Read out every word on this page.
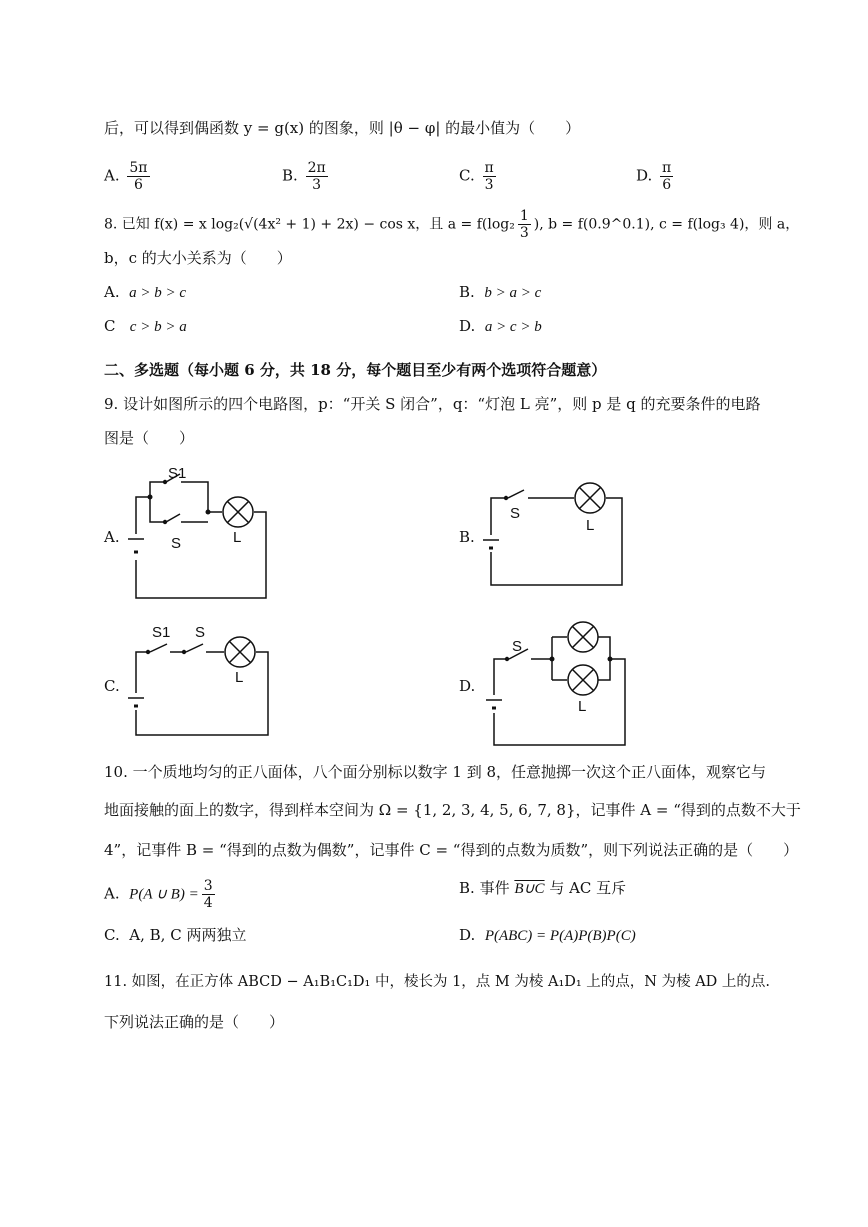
后，可以得到偶函数 y = g(x) 的图象，则 |θ − φ| 的最小值为（　　）
A. $\frac{5\pi}{6}$	B. $\frac{2\pi}{3}$	C. $\frac{\pi}{3}$	D. $\frac{\pi}{6}$
8. 已知 f(x) = x log₂(√(4x² + 1) + 2x) − cos x，且 $a = f(\log_2 \frac{1}{3}$ ), b = f(0.9^0.1), c = f(log₃ 4)，则 a，
b，c 的大小关系为（　　）
A. a > b > c	B. b > a > c
C c > b > a	D. a > c > b
二、多选题（每小题 6 分，共 18 分，每个题目至少有两个选项符合题意）
9. 设计如图所示的四个电路图，p：“开关 S 闭合”，q：“灯泡 L 亮”，则 p 是 q 的充要条件的电路
图是（　　）
A.
S1
S	L	B.
S
L
C.
S1 S
L	D.
S
L
10. 一个质地均匀的正八面体，八个面分别标以数字 1 到 8，任意抛掷一次这个正八面体，观察它与
地面接触的面上的数字，得到样本空间为 Ω = {1, 2, 3, 4, 5, 6, 7, 8}，记事件 A = “得到的点数不大于
4”，记事件 B = “得到的点数为偶数”，记事件 C = “得到的点数为质数”，则下列说法正确的是（　　）
A. P(A ∪ $B) = \frac{3}{4}$	B. 事件 B∪C 与 AC 互斥
C. A, B, C 两两独立	D. P(ABC) = P(A)P(B)P(C)
11. 如图，在正方体 ABCD − A₁B₁C₁D₁ 中，棱长为 1，点 M 为棱 A₁D₁ 上的点，N 为棱 AD 上的点.
下列说法正确的是（　　）
